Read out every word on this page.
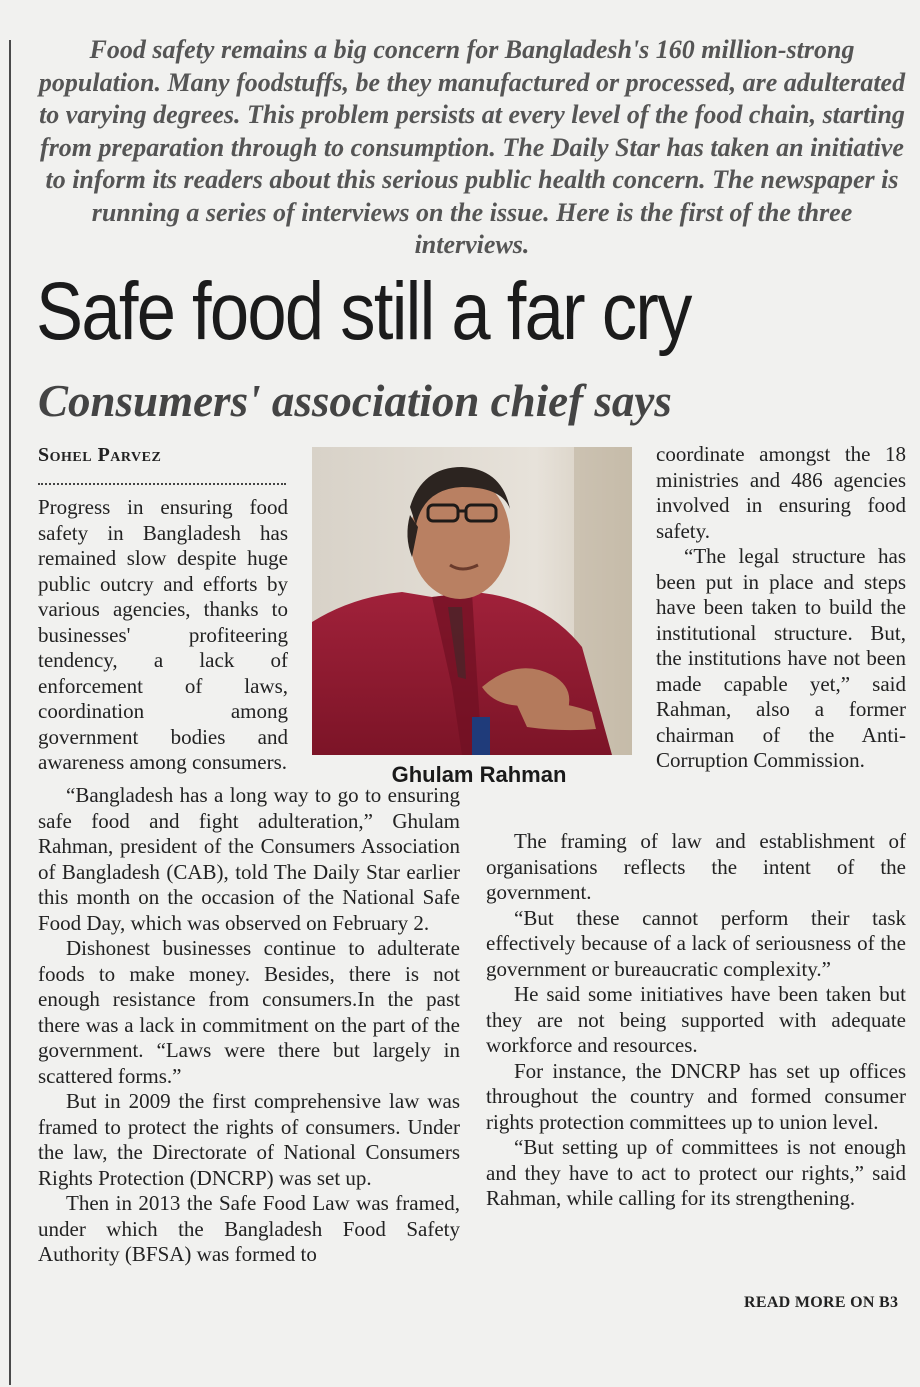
Food safety remains a big concern for Bangladesh's 160 million-strong population. Many foodstuffs, be they manufactured or processed, are adulterated to varying degrees. This problem persists at every level of the food chain, starting from preparation through to consumption. The Daily Star has taken an initiative to inform its readers about this serious public health concern. The newspaper is running a series of interviews on the issue. Here is the first of the three interviews.
Safe food still a far cry
Consumers' association chief says
Sohel Parvez

Progress in ensuring food safety in Bangladesh has remained slow despite huge public outcry and efforts by various agencies, thanks to businesses' profiteering tendency, a lack of enforcement of laws, coordination among government bodies and awareness among consumers.	Ghulam Rahman

“Bangladesh has a long way to go to ensuring safe food and fight adulteration,” Ghulam Rahman, president of the Consumers Association of Bangladesh (CAB), told The Daily Star earlier this month on the occasion of the National Safe Food Day, which was observed on February 2.

Dishonest businesses continue to adulterate foods to make money. Besides, there is not enough resistance from consumers.In the past there was a lack in commitment on the part of the government. “Laws were there but largely in scattered forms.”

But in 2009 the first comprehensive law was framed to protect the rights of consumers. Under the law, the Directorate of National Consumers Rights Protection (DNCRP) was set up.

Then in 2013 the Safe Food Law was framed, under which the Bangladesh Food Safety Authority (BFSA) was formed to

coordinate amongst the 18 ministries and 486 agencies involved in ensuring food safety.

“The legal structure has been put in place and steps have been taken to build the institutional structure. But, the institutions have not been made capable yet,” said Rahman, also a former chairman of the Anti-Corruption Commission.

The framing of law and establishment of organisations reflects the intent of the government.

“But these cannot perform their task effectively because of a lack of seriousness of the government or bureaucratic complexity.”

He said some initiatives have been taken but they are not being supported with adequate workforce and resources.

For instance, the DNCRP has set up offices throughout the country and formed consumer rights protection committees up to union level.

“But setting up of committees is not enough and they have to act to protect our rights,” said Rahman, while calling for its strengthening.

READ MORE ON B3
